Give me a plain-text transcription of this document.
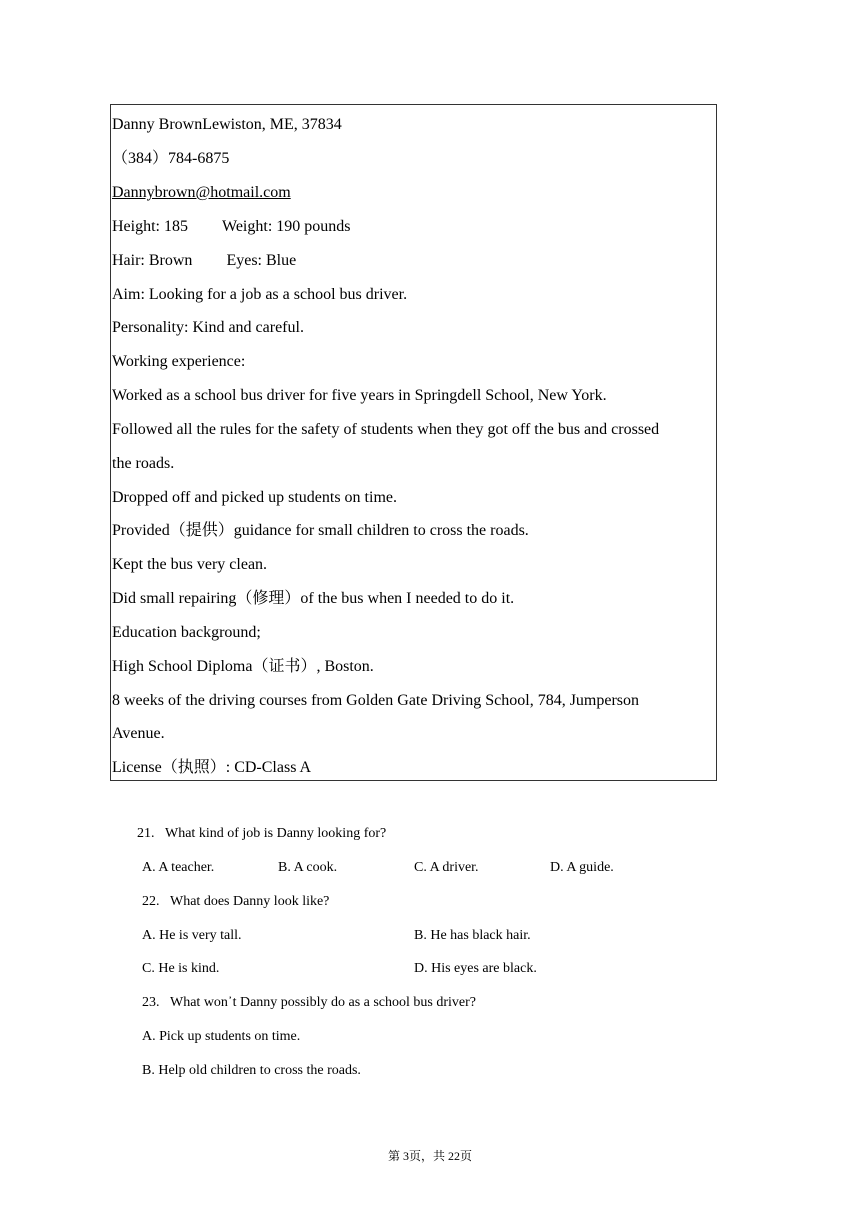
Danny BrownLewiston, ME, 37834
（384）784-6875
Dannybrown@hotmail.com
Height: 185 Weight: 190 pounds
Hair: Brown Eyes: Blue
Aim: Looking for a job as a school bus driver.
Personality: Kind and careful.
Working experience:
Worked as a school bus driver for five years in Springdell School, New York.
Followed all the rules for the safety of students when they got off the bus and crossed
the roads.
Dropped off and picked up students on time.
Provided（提供）guidance for small children to cross the roads.
Kept the bus very clean.
Did small repairing（修理）of the bus when I needed to do it.
Education background;
High School Diploma（证书）, Boston.
8 weeks of the driving courses from Golden Gate Driving School, 784, Jumperson
Avenue.
License（执照）: CD-Class A
21.   What kind of job is Danny looking for?
A. A teacher.	B. A cook.	C. A driver.	D. A guide.
22.   What does Danny look like?
A. He is very tall.	B. He has black hair.
C. He is kind.	D. His eyes are black.
23.   What won᾿t Danny possibly do as a school bus driver?
A. Pick up students on time.
B. Help old children to cross the roads.
第 3页，共 22页
